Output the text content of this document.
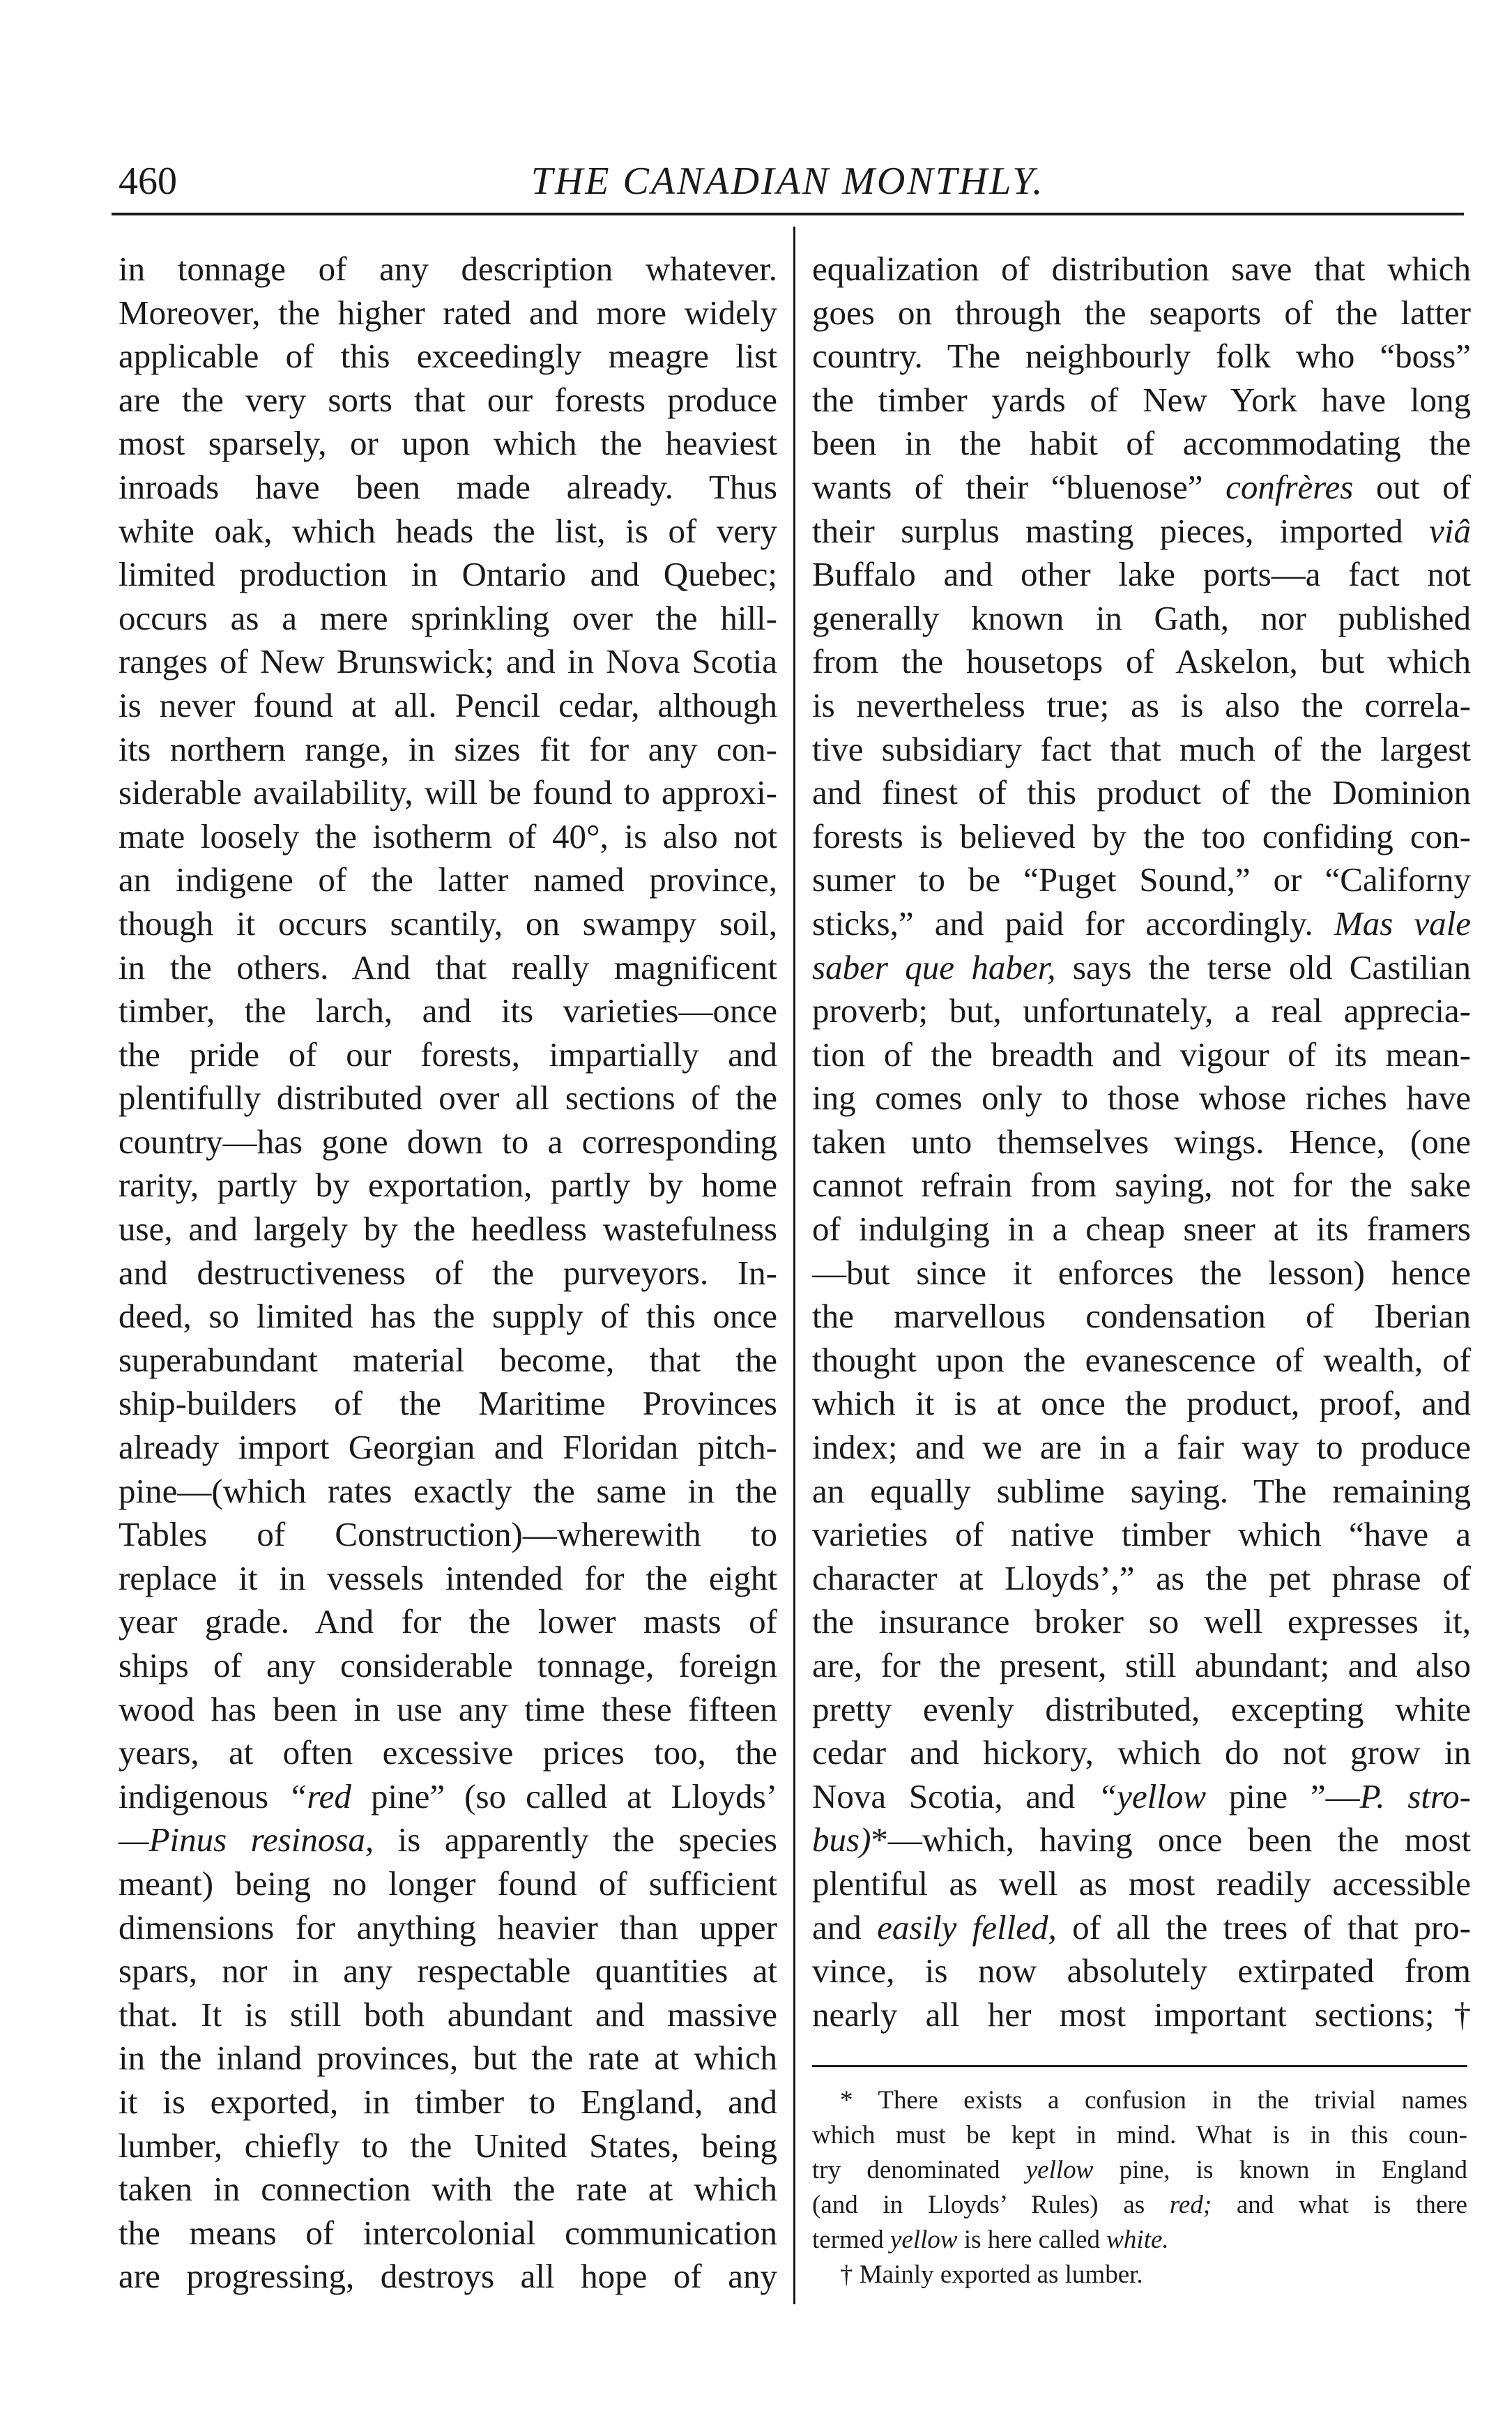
460	THE CANADIAN MONTHLY.
in tonnage of any description whatever.
Moreover, the higher rated and more widely
applicable of this exceedingly meagre list
are the very sorts that our forests produce
most sparsely, or upon which the heaviest
inroads have been made already. Thus
white oak, which heads the list, is of very
limited production in Ontario and Quebec;
occurs as a mere sprinkling over the hill-
ranges of New Brunswick; and in Nova Scotia
is never found at all. Pencil cedar, although
its northern range, in sizes fit for any con-
siderable availability, will be found to approxi-
mate loosely the isotherm of 40°, is also not
an indigene of the latter named province,
though it occurs scantily, on swampy soil,
in the others. And that really magnificent
timber, the larch, and its varieties—once
the pride of our forests, impartially and
plentifully distributed over all sections of the
country—has gone down to a corresponding
rarity, partly by exportation, partly by home
use, and largely by the heedless wastefulness
and destructiveness of the purveyors. In-
deed, so limited has the supply of this once
superabundant material become, that the
ship-builders of the Maritime Provinces
already import Georgian and Floridan pitch-
pine—(which rates exactly the same in the
Tables of Construction)—wherewith to
replace it in vessels intended for the eight
year grade. And for the lower masts of
ships of any considerable tonnage, foreign
wood has been in use any time these fifteen
years, at often excessive prices too, the
indigenous “red pine” (so called at Lloyds’
—Pinus resinosa, is apparently the species
meant) being no longer found of sufficient
dimensions for anything heavier than upper
spars, nor in any respectable quantities at
that. It is still both abundant and massive
in the inland provinces, but the rate at which
it is exported, in timber to England, and
lumber, chiefly to the United States, being
taken in connection with the rate at which
the means of intercolonial communication
are progressing, destroys all hope of any
equalization of distribution save that which
goes on through the seaports of the latter
country. The neighbourly folk who “boss”
the timber yards of New York have long
been in the habit of accommodating the
wants of their “bluenose” confrères out of
their surplus masting pieces, imported viâ
Buffalo and other lake ports—a fact not
generally known in Gath, nor published
from the housetops of Askelon, but which
is nevertheless true; as is also the correla-
tive subsidiary fact that much of the largest
and finest of this product of the Dominion
forests is believed by the too confiding con-
sumer to be “Puget Sound,” or “Californy
sticks,” and paid for accordingly. Mas vale
saber que haber, says the terse old Castilian
proverb; but, unfortunately, a real apprecia-
tion of the breadth and vigour of its mean-
ing comes only to those whose riches have
taken unto themselves wings. Hence, (one
cannot refrain from saying, not for the sake
of indulging in a cheap sneer at its framers
—but since it enforces the lesson) hence
the marvellous condensation of Iberian
thought upon the evanescence of wealth, of
which it is at once the product, proof, and
index; and we are in a fair way to produce
an equally sublime saying. The remaining
varieties of native timber which “have a
character at Lloyds’,” as the pet phrase of
the insurance broker so well expresses it,
are, for the present, still abundant; and also
pretty evenly distributed, excepting white
cedar and hickory, which do not grow in
Nova Scotia, and “yellow pine ”—P. stro-
bus)*—which, having once been the most
plentiful as well as most readily accessible
and easily felled, of all the trees of that pro-
vince, is now absolutely extirpated from
nearly all her most important sections;†
* There exists a confusion in the trivial names
which must be kept in mind. What is in this coun-
try denominated yellow pine, is known in England
(and in Lloyds’ Rules) as red; and what is there
termed yellow is here called white.
† Mainly exported as lumber.
